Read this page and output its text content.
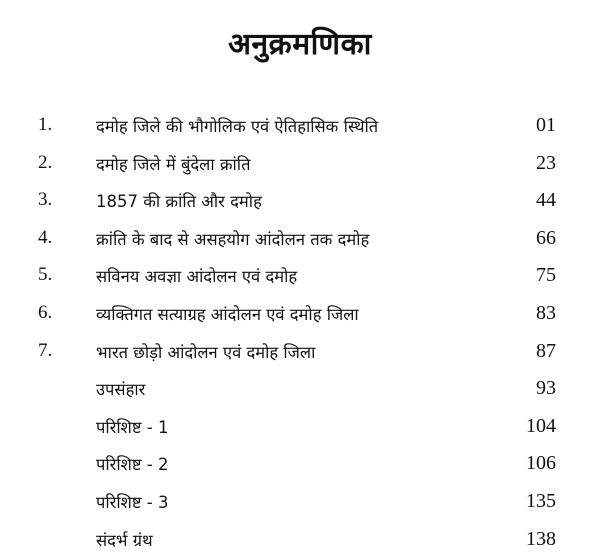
अनुक्रमणिका
1.	दमोह जिले की भौगोलिक एवं ऐतिहासिक स्थिति	01
2.	दमोह जिले में बुंदेला क्रांति	23
3.	1857 की क्रांति और दमोह	44
4.	क्रांति के बाद से असहयोग आंदोलन तक दमोह	66
5.	सविनय अवज्ञा आंदोलन एवं दमोह	75
6.	व्यक्तिगत सत्याग्रह आंदोलन एवं दमोह जिला	83
7.	भारत छोड़ो आंदोलन एवं दमोह जिला	87
उपसंहार	93
परिशिष्ट - 1	104
परिशिष्ट - 2	106
परिशिष्ट - 3	135
संदर्भ ग्रंथ	138
